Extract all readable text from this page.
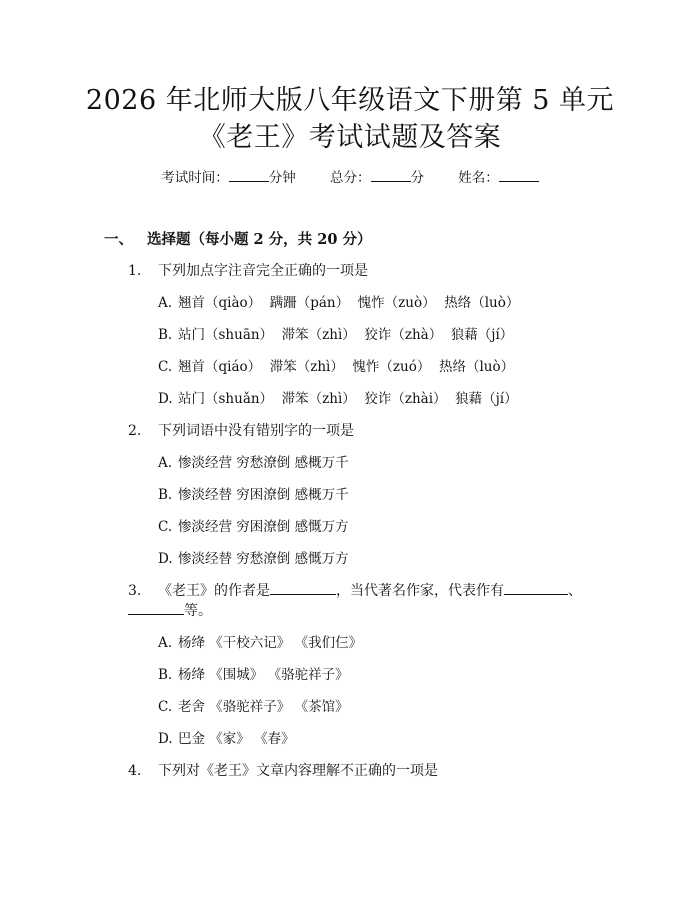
2026 年北师大版八年级语文下册第 5 单元
《老王》考试试题及答案
考试时间：	分钟	总分：	分	姓名：
一、 选择题（每小题 2 分，共 20 分）
1. 下列加点字注音完全正确的一项是
A. 翘首（qiào）  蹒跚（pán）  愧怍（zuò）  热络（luò）
B. 站门（shuān）  滞笨（zhì）  狡诈（zhà）  狼藉（jí）
C. 翘首（qiáo）  滞笨（zhì）  愧怍（zuó）  热络（luò）
D. 站门（shuǎn）  滞笨（zhì）  狡诈（zhài）  狼藉（jí）
2. 下列词语中没有错别字的一项是
A. 惨淡经营 穷愁潦倒 感概万千
B. 惨淡经替 穷困潦倒 感概万千
C. 惨淡经营 穷困潦倒 感慨万方
D. 惨淡经替 穷愁潦倒 感慨万方
3. 《老王》的作者是	，当代著名作家，代表作有	、
等。
A. 杨绛 《干校六记》 《我们仨》
B. 杨绛 《围城》 《骆驼祥子》
C. 老舍 《骆驼祥子》 《茶馆》
D. 巴金 《家》 《春》
4. 下列对《老王》文章内容理解不正确的一项是
